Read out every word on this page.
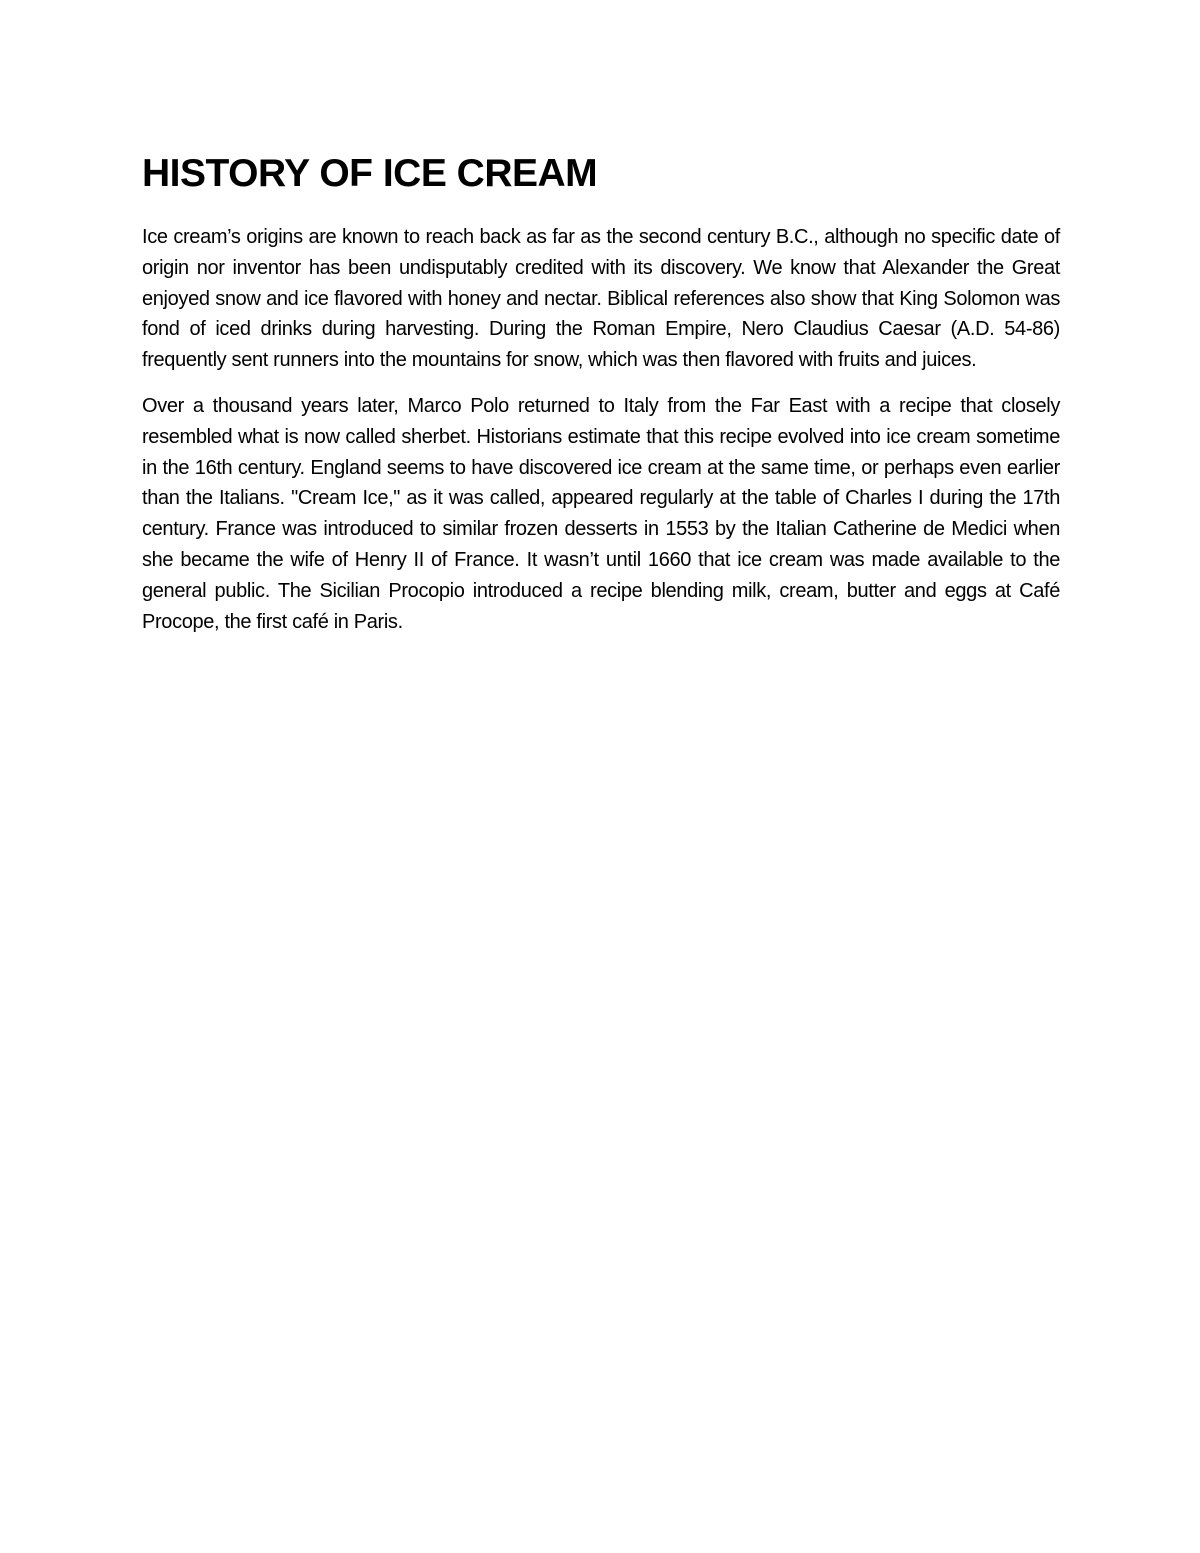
HISTORY OF ICE CREAM

Ice cream’s origins are known to reach back as far as the second century B.C., although no specific date of origin nor inventor has been undisputably credited with its discovery. We know that Alexander the Great enjoyed snow and ice flavored with honey and nectar. Biblical references also show that King Solomon was fond of iced drinks during harvesting. During the Roman Empire, Nero Claudius Caesar (A.D. 54-86) frequently sent runners into the mountains for snow, which was then flavored with fruits and juices.

Over a thousand years later, Marco Polo returned to Italy from the Far East with a recipe that closely resembled what is now called sherbet. Historians estimate that this recipe evolved into ice cream sometime in the 16th century. England seems to have discovered ice cream at the same time, or perhaps even earlier than the Italians. "Cream Ice," as it was called, appeared regularly at the table of Charles I during the 17th century. France was introduced to similar frozen desserts in 1553 by the Italian Catherine de Medici when she became the wife of Henry II of France. It wasn’t until 1660 that ice cream was made available to the general public. The Sicilian Procopio introduced a recipe blending milk, cream, butter and eggs at Café Procope, the first café in Paris.
